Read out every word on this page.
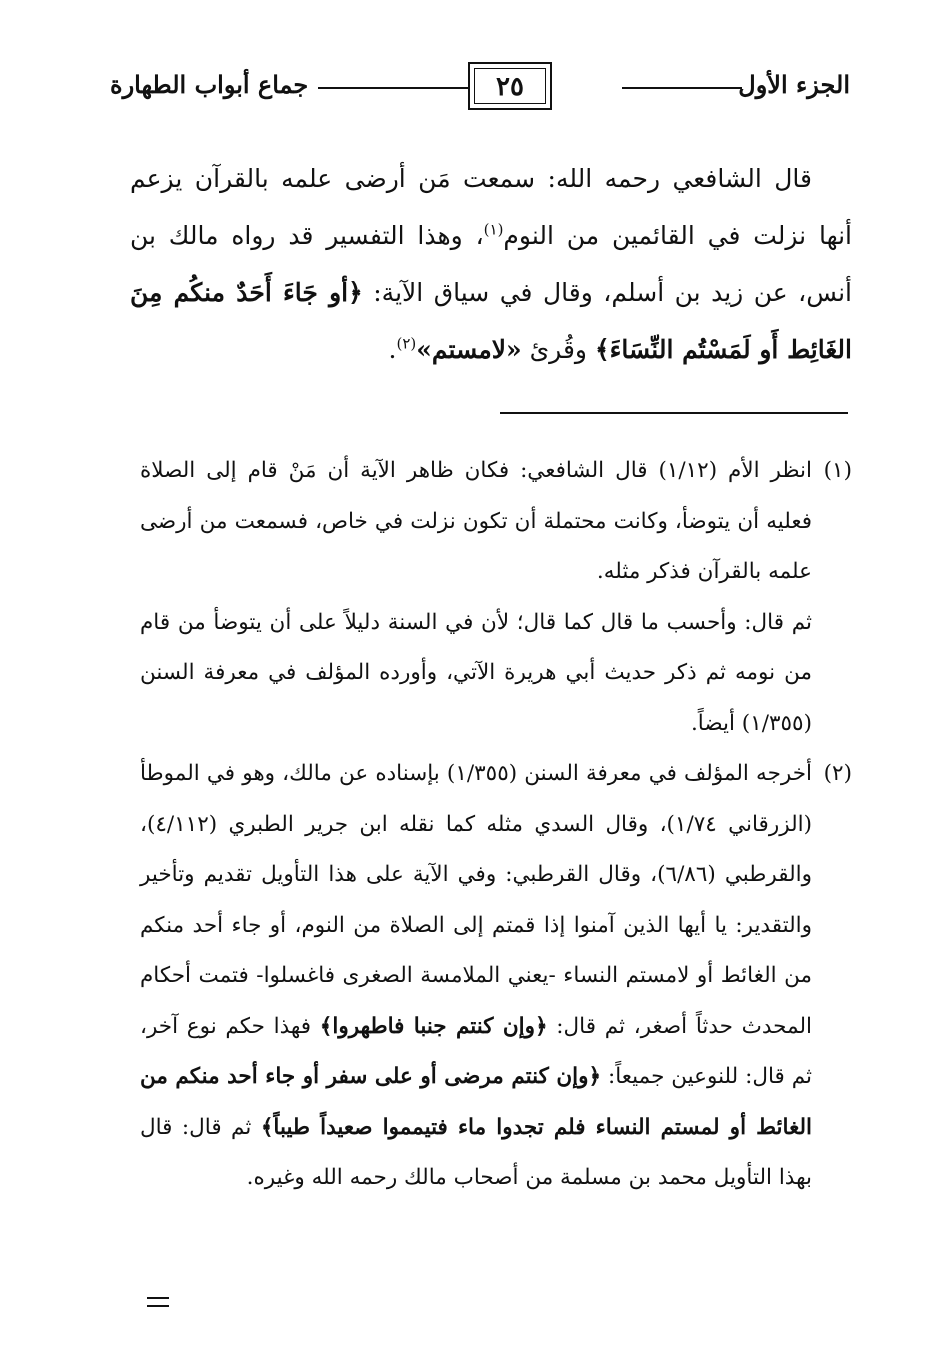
الجزء الأول
٢٥
جماع أبواب الطهارة

قال الشافعي رحمه الله: سمعت مَن أرضى علمه بالقرآن يزعم أنها نزلت في القائمين من النوم$^{(١)}$، وهذا التفسير قد رواه مالك بن أنس، عن زيد بن أسلم، وقال في سياق الآية: ﴿أو جَاءَ أَحَدٌ منكُم مِنَ الغَائِط أَو لَمَسْتُم النِّسَاءَ﴾ وقُرئ «لامستم»$^{(٢)}$.

(١)

انظر الأم (١/١٢) قال الشافعي: فكان ظاهر الآية أن مَنْ قام إلى الصلاة فعليه أن يتوضأ، وكانت محتملة أن تكون نزلت في خاص، فسمعت من أرضى علمه بالقرآن فذكر مثله.

ثم قال: وأحسب ما قال كما قال؛ لأن في السنة دليلاً على أن يتوضأ من قام من نومه ثم ذكر حديث أبي هريرة الآتي، وأورده المؤلف في معرفة السنن (١/٣٥٥) أيضاً.

(٢)

أخرجه المؤلف في معرفة السنن (١/٣٥٥) بإسناده عن مالك، وهو في الموطأ (الزرقاني ١/٧٤)، وقال السدي مثله كما نقله ابن جرير الطبري (٤/١١٢)، والقرطبي (٦/٨٦)، وقال القرطبي: وفي الآية على هذا التأويل تقديم وتأخير والتقدير: يا أيها الذين آمنوا إذا قمتم إلى الصلاة من النوم، أو جاء أحد منكم من الغائط أو لامستم النساء -يعني الملامسة الصغرى فاغسلوا- فتمت أحكام المحدث حدثاً أصغر، ثم قال: ﴿وإن كنتم جنبا فاطهروا﴾ فهذا حكم نوع آخر، ثم قال: للنوعين جميعاً: ﴿وإن كنتم مرضى أو على سفر أو جاء أحد منكم من الغائط أو لمستم النساء فلم تجدوا ماء فتيمموا صعيداً طيباً﴾ ثم قال: قال بهذا التأويل محمد بن مسلمة من أصحاب مالك رحمه الله وغيره.
